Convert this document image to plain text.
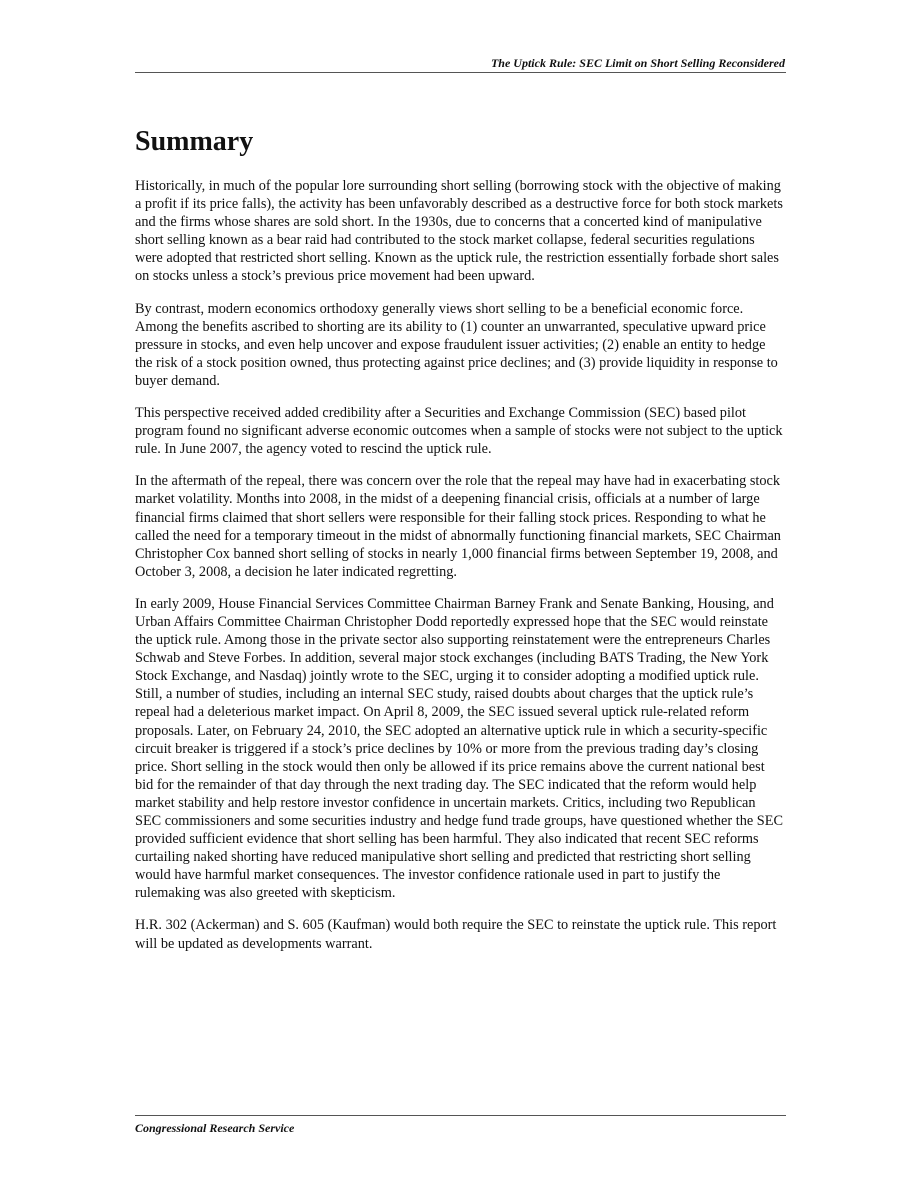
The Uptick Rule: SEC Limit on Short Selling Reconsidered
Summary

Historically, in much of the popular lore surrounding short selling (borrowing stock with the objective of making a profit if its price falls), the activity has been unfavorably described as a destructive force for both stock markets and the firms whose shares are sold short. In the 1930s, due to concerns that a concerted kind of manipulative short selling known as a bear raid had contributed to the stock market collapse, federal securities regulations were adopted that restricted short selling. Known as the uptick rule, the restriction essentially forbade short sales on stocks unless a stock’s previous price movement had been upward.

By contrast, modern economics orthodoxy generally views short selling to be a beneficial economic force. Among the benefits ascribed to shorting are its ability to (1) counter an unwarranted, speculative upward price pressure in stocks, and even help uncover and expose fraudulent issuer activities; (2) enable an entity to hedge the risk of a stock position owned, thus protecting against price declines; and (3) provide liquidity in response to buyer demand.

This perspective received added credibility after a Securities and Exchange Commission (SEC) based pilot program found no significant adverse economic outcomes when a sample of stocks were not subject to the uptick rule. In June 2007, the agency voted to rescind the uptick rule.

In the aftermath of the repeal, there was concern over the role that the repeal may have had in exacerbating stock market volatility. Months into 2008, in the midst of a deepening financial crisis, officials at a number of large financial firms claimed that short sellers were responsible for their falling stock prices. Responding to what he called the need for a temporary timeout in the midst of abnormally functioning financial markets, SEC Chairman Christopher Cox banned short selling of stocks in nearly 1,000 financial firms between September 19, 2008, and October 3, 2008, a decision he later indicated regretting.

In early 2009, House Financial Services Committee Chairman Barney Frank and Senate Banking, Housing, and Urban Affairs Committee Chairman Christopher Dodd reportedly expressed hope that the SEC would reinstate the uptick rule. Among those in the private sector also supporting reinstatement were the entrepreneurs Charles Schwab and Steve Forbes. In addition, several major stock exchanges (including BATS Trading, the New York Stock Exchange, and Nasdaq) jointly wrote to the SEC, urging it to consider adopting a modified uptick rule. Still, a number of studies, including an internal SEC study, raised doubts about charges that the uptick rule’s repeal had a deleterious market impact. On April 8, 2009, the SEC issued several uptick rule-related reform proposals. Later, on February 24, 2010, the SEC adopted an alternative uptick rule in which a security-specific circuit breaker is triggered if a stock’s price declines by 10% or more from the previous trading day’s closing price. Short selling in the stock would then only be allowed if its price remains above the current national best bid for the remainder of that day through the next trading day. The SEC indicated that the reform would help market stability and help restore investor confidence in uncertain markets. Critics, including two Republican SEC commissioners and some securities industry and hedge fund trade groups, have questioned whether the SEC provided sufficient evidence that short selling has been harmful. They also indicated that recent SEC reforms curtailing naked shorting have reduced manipulative short selling and predicted that restricting short selling would have harmful market consequences. The investor confidence rationale used in part to justify the rulemaking was also greeted with skepticism.

H.R. 302 (Ackerman) and S. 605 (Kaufman) would both require the SEC to reinstate the uptick rule. This report will be updated as developments warrant.

Congressional Research Service
